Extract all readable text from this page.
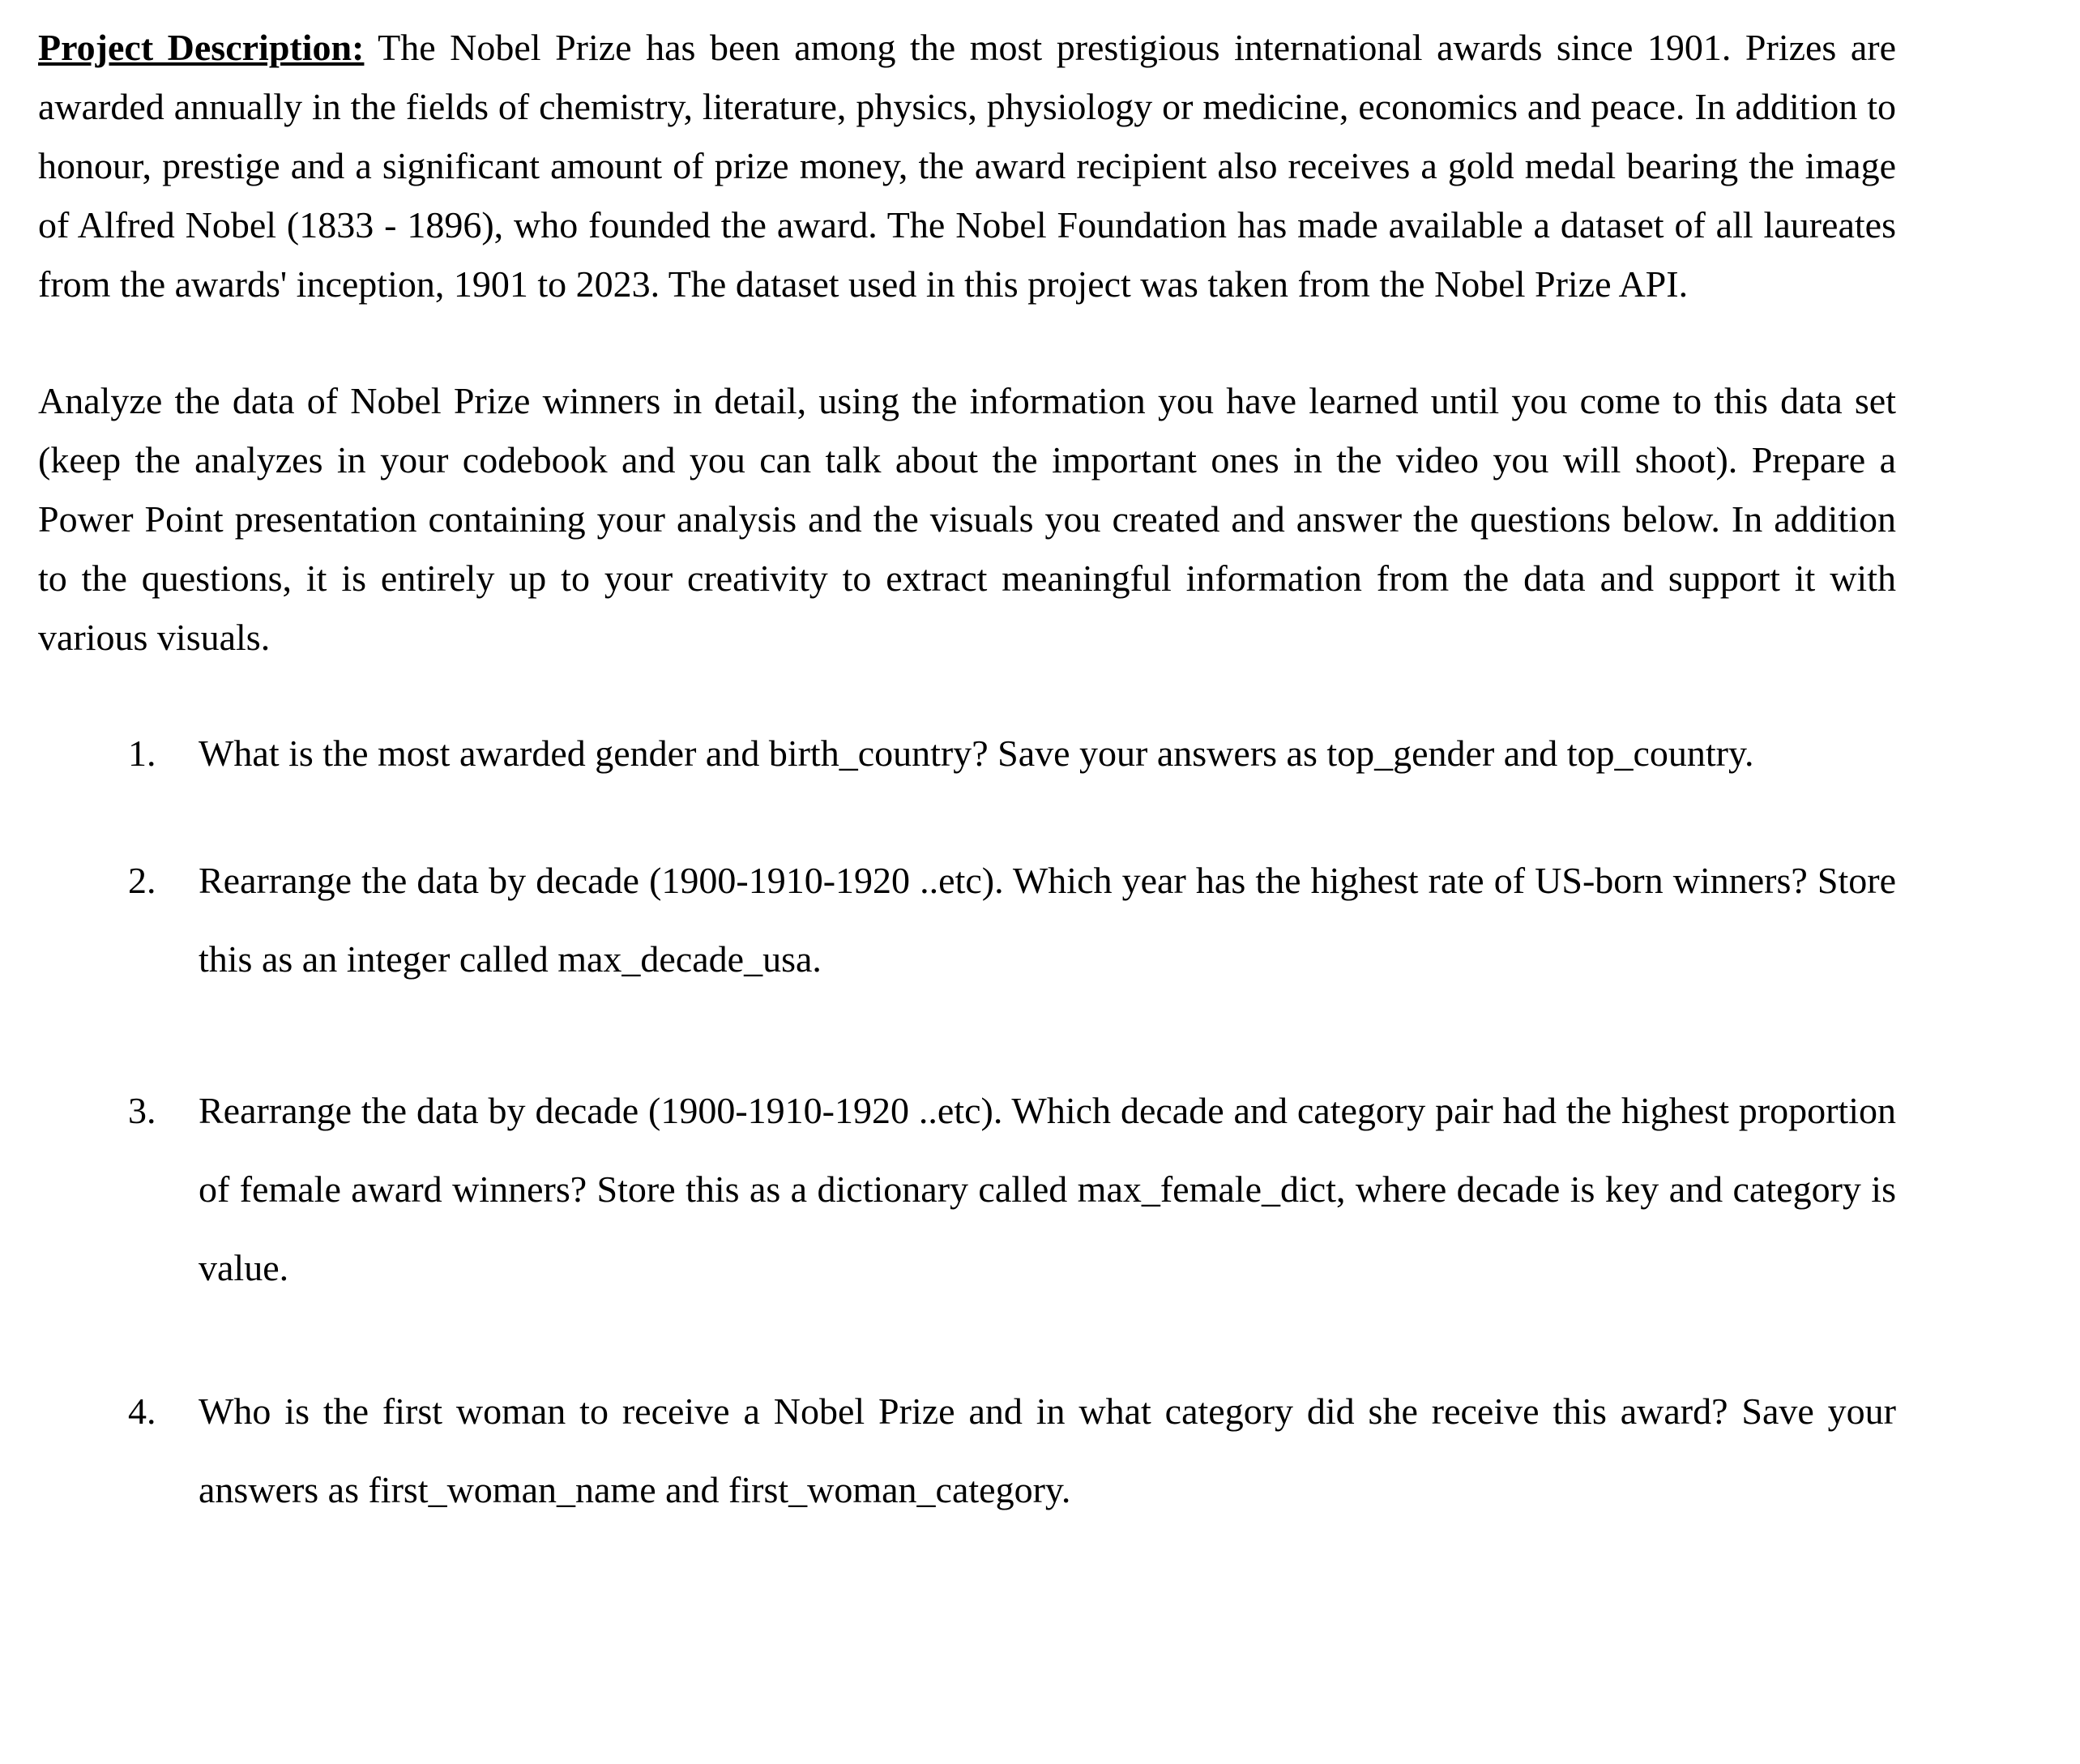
Project Description: The Nobel Prize has been among the most prestigious international awards since 1901. Prizes are awarded annually in the fields of chemistry, literature, physics, physiology or medicine, economics and peace. In addition to honour, prestige and a significant amount of prize money, the award recipient also receives a gold medal bearing the image of Alfred Nobel (1833 - 1896), who founded the award. The Nobel Foundation has made available a dataset of all laureates from the awards' inception, 1901 to 2023. The dataset used in this project was taken from the Nobel Prize API.

Analyze the data of Nobel Prize winners in detail, using the information you have learned until you come to this data set (keep the analyzes in your codebook and you can talk about the important ones in the video you will shoot). Prepare a Power Point presentation containing your analysis and the visuals you created and answer the questions below. In addition to the questions, it is entirely up to your creativity to extract meaningful information from the data and support it with various visuals.

1. What is the most awarded gender and birth_country? Save your answers as top_gender and top_country.
2. Rearrange the data by decade (1900-1910-1920 ..etc). Which year has the highest rate of US-born winners? Store this as an integer called max_decade_usa.
3. Rearrange the data by decade (1900-1910-1920 ..etc). Which decade and category pair had the highest proportion of female award winners? Store this as a dictionary called max_female_dict, where decade is key and category is value.
4. Who is the first woman to receive a Nobel Prize and in what category did she receive this award? Save your answers as first_woman_name and first_woman_category.
